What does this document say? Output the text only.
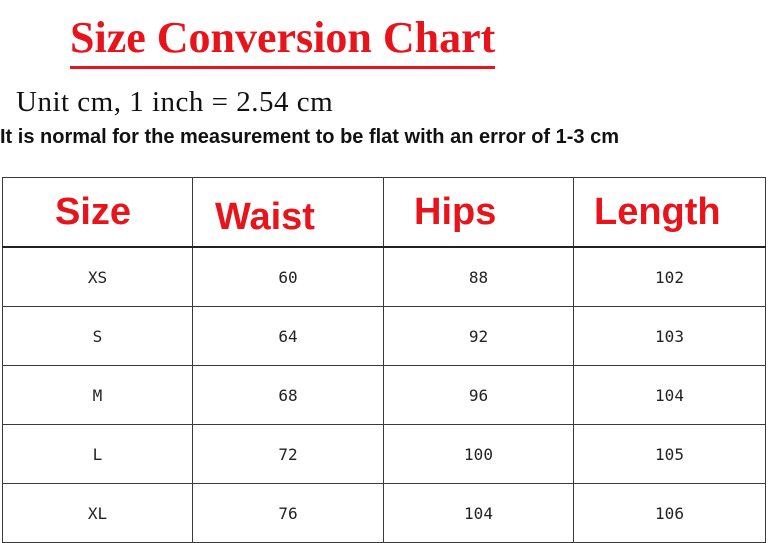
Size Conversion Chart
Unit cm, 1 inch = 2.54 cm
It is normal for the measurement to be flat with an error of 1-3 cm
Size	Waist	Hips	Length
XS	60	88	102
S	64	92	103
M	68	96	104
L	72	100	105
XL	76	104	106
